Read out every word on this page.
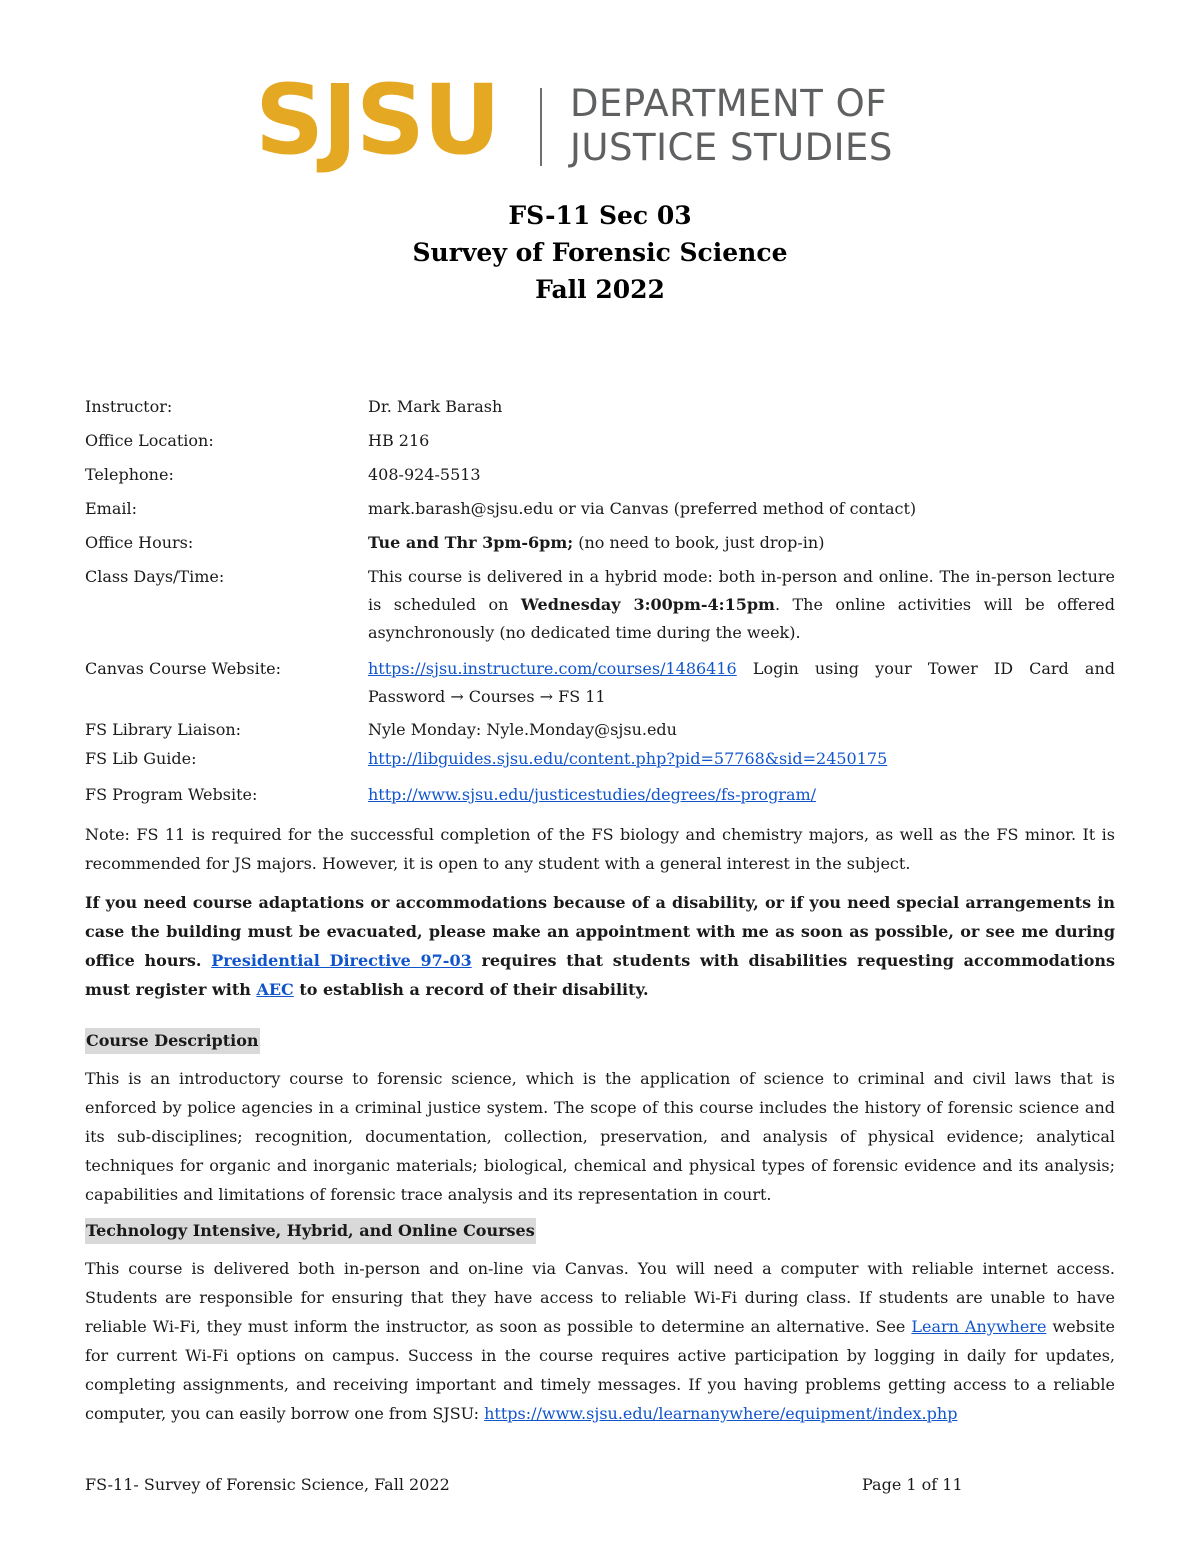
SJSU DEPARTMENT OF
JUSTICE STUDIES
FS-11 Sec 03
Survey of Forensic Science
Fall 2022
Instructor:	Dr. Mark Barash
Office Location:	HB 216
Telephone:	408-924-5513
Email:	mark.barash@sjsu.edu or via Canvas (preferred method of contact)
Office Hours:	Tue and Thr 3pm-6pm; (no need to book, just drop-in)
Class Days/Time:	This course is delivered in a hybrid mode: both in-person and online. The in-person lecture is scheduled on Wednesday 3:00pm-4:15pm. The online activities will be offered asynchronously (no dedicated time during the week).
Canvas Course Website:	https://sjsu.instructure.com/courses/1486416 Login using your Tower ID Card and Password → Courses → FS 11
FS Library Liaison:	Nyle Monday: Nyle.Monday@sjsu.edu
FS Lib Guide:	http://libguides.sjsu.edu/content.php?pid=57768&sid=2450175
FS Program Website:	http://www.sjsu.edu/justicestudies/degrees/fs-program/
Note: FS 11 is required for the successful completion of the FS biology and chemistry majors, as well as the FS minor. It is recommended for JS majors. However, it is open to any student with a general interest in the subject.
If you need course adaptations or accommodations because of a disability, or if you need special arrangements in case the building must be evacuated, please make an appointment with me as soon as possible, or see me during office hours. Presidential Directive 97-03 requires that students with disabilities requesting accommodations must register with AEC to establish a record of their disability.
Course Description
This is an introductory course to forensic science, which is the application of science to criminal and civil laws that is enforced by police agencies in a criminal justice system. The scope of this course includes the history of forensic science and its sub-disciplines; recognition, documentation, collection, preservation, and analysis of physical evidence; analytical techniques for organic and inorganic materials; biological, chemical and physical types of forensic evidence and its analysis; capabilities and limitations of forensic trace analysis and its representation in court.
Technology Intensive, Hybrid, and Online Courses
This course is delivered both in-person and on-line via Canvas. You will need a computer with reliable internet access. Students are responsible for ensuring that they have access to reliable Wi-Fi during class. If students are unable to have reliable Wi-Fi, they must inform the instructor, as soon as possible to determine an alternative. See Learn Anywhere website for current Wi-Fi options on campus. Success in the course requires active participation by logging in daily for updates, completing assignments, and receiving important and timely messages. If you having problems getting access to a reliable computer, you can easily borrow one from SJSU: https://www.sjsu.edu/learnanywhere/equipment/index.php
FS-11- Survey of Forensic Science, Fall 2022	Page 1 of 11
